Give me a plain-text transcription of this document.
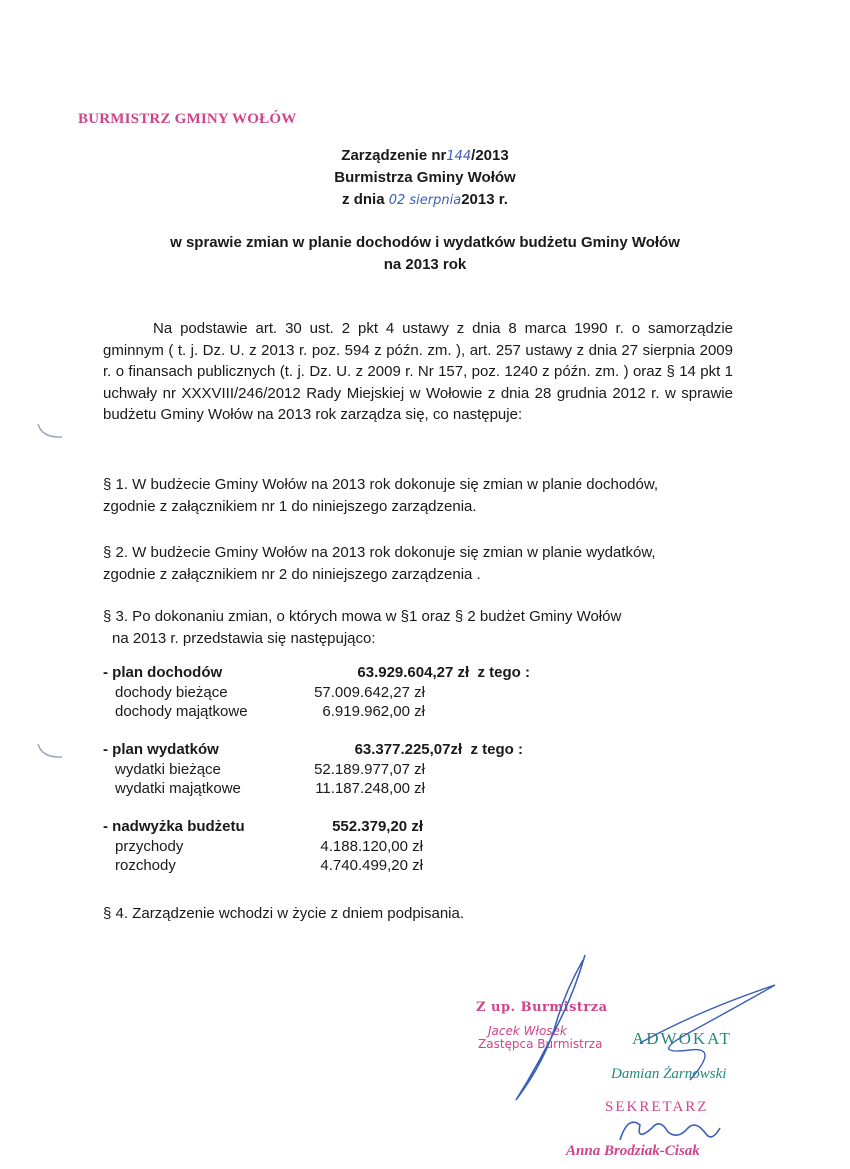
BURMISTRZ GMINY WOŁÓW
Zarządzenie nr144/2013
Burmistrza Gminy Wołów
z dnia 02 sierpnia2013 r.
w sprawie zmian w planie dochodów i wydatków budżetu Gminy Wołów
na 2013 rok
Na podstawie art. 30 ust. 2 pkt 4 ustawy z dnia 8 marca 1990 r. o samorządzie gminnym ( t. j. Dz. U. z 2013 r. poz. 594 z późn. zm. ), art. 257 ustawy z dnia 27 sierpnia 2009 r. o finansach publicznych (t. j. Dz. U. z 2009 r. Nr 157, poz. 1240 z późn. zm. ) oraz § 14 pkt 1 uchwały nr XXXVIII/246/2012 Rady Miejskiej w Wołowie z dnia 28 grudnia 2012 r. w sprawie budżetu Gminy Wołów na 2013 rok zarządza się, co następuje:
§ 1. W budżecie Gminy Wołów na 2013 rok dokonuje się zmian w planie dochodów,
zgodnie z załącznikiem nr 1 do niniejszego zarządzenia.
§ 2. W budżecie Gminy Wołów na 2013 rok dokonuje się zmian w planie wydatków,
zgodnie z załącznikiem nr 2 do niniejszego zarządzenia .
§ 3. Po dokonaniu zmian, o których mowa w §1 oraz § 2 budżet Gminy Wołów
na 2013 r. przedstawia się następująco:
- plan dochodów	63.929.604,27 zł z tego :
dochody bieżące	57.009.642,27 zł
dochody majątkowe	6.919.962,00 zł
- plan wydatków	63.377.225,07zł z tego :
wydatki bieżące	52.189.977,07 zł
wydatki majątkowe	11.187.248,00 zł
- nadwyżka budżetu	552.379,20 zł
przychody	4.188.120,00 zł
rozchody	4.740.499,20 zł
§ 4. Zarządzenie wchodzi w życie z dniem podpisania.
Z up. Burmistrza
Jacek Włosek
Zastępca Burmistrza ADWOKAT
Damian Żarnowski
SEKRETARZ
Anna Brodziak-Cisak
